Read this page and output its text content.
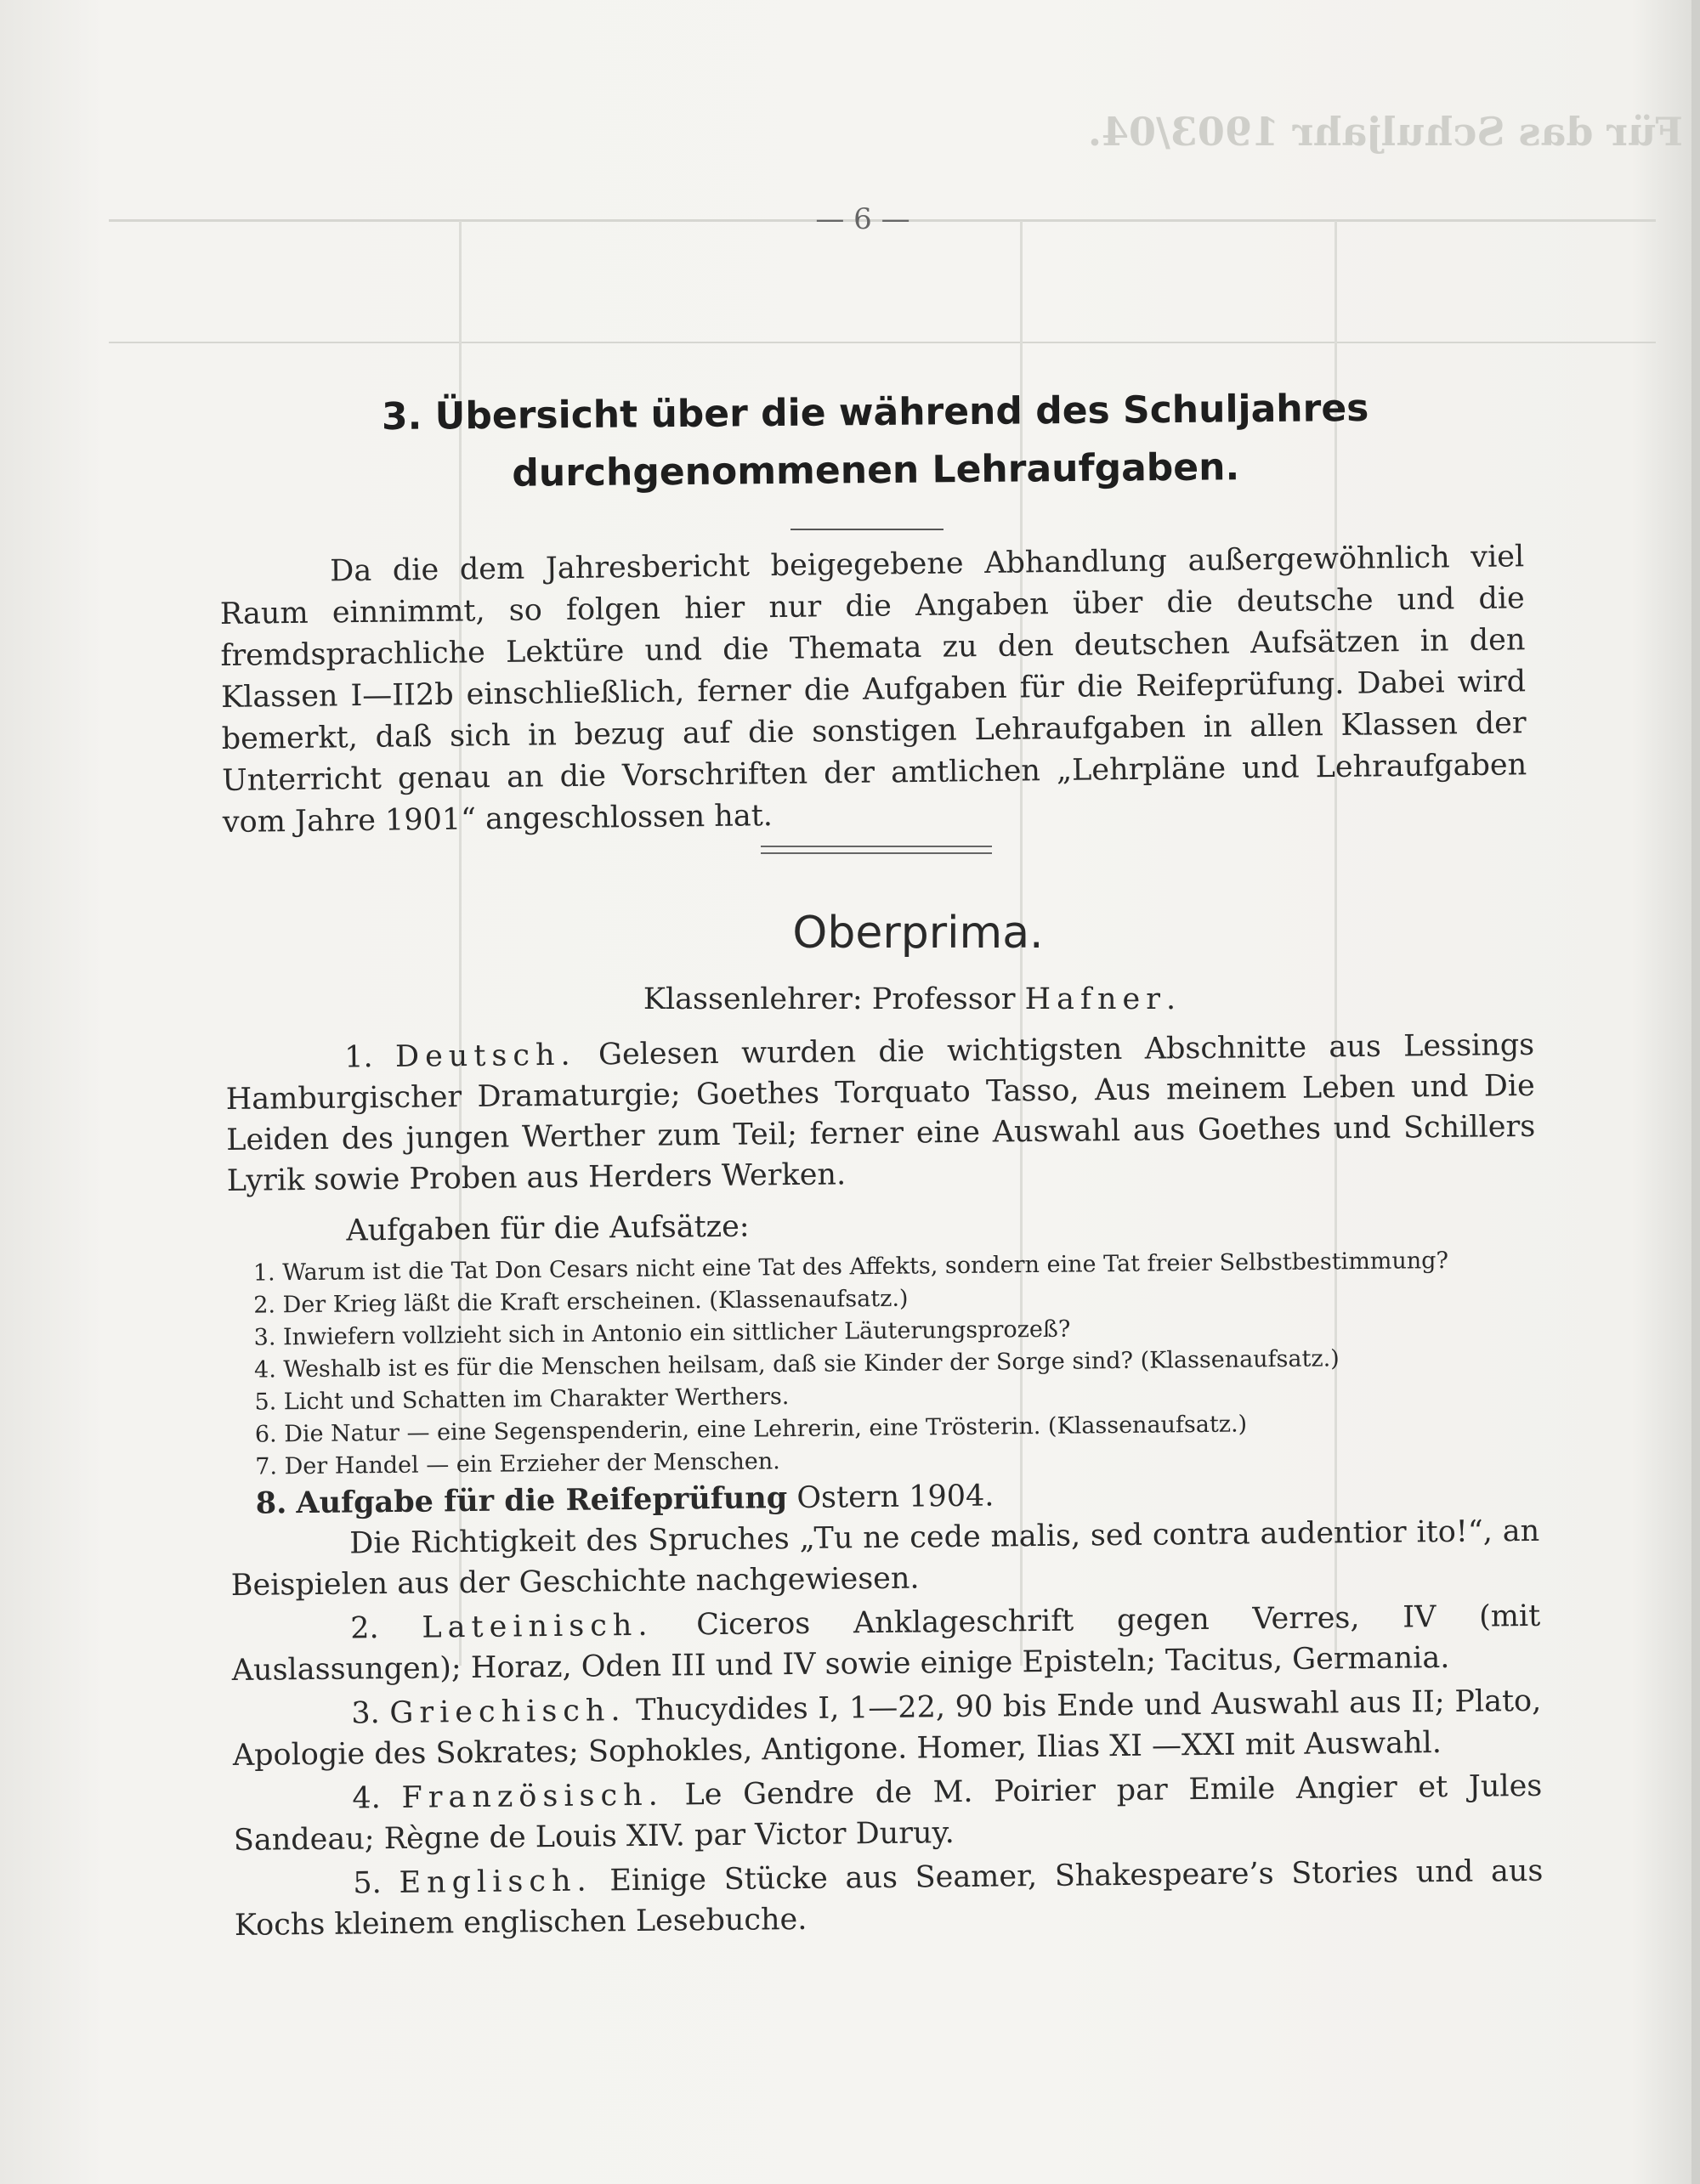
Für das Schuljahr 1903/04.
— 6 —
3. Übersicht über die während des Schuljahres
durchgenommenen Lehraufgaben.

Da die dem Jahresbericht beigegebene Abhandlung außergewöhnlich viel Raum einnimmt, so folgen hier nur die Angaben über die deutsche und die fremdsprachliche Lektüre und die Themata zu den deutschen Aufsätzen in den Klassen I—II2b einschließlich, ferner die Aufgaben für die Reifeprüfung. Dabei wird bemerkt, daß sich in bezug auf die sonstigen Lehraufgaben in allen Klassen der Unterricht genau an die Vorschriften der amtlichen „Lehrpläne und Lehraufgaben vom Jahre 1901“ angeschlossen hat.

Oberprima.
Klassenlehrer: Professor Hafner.

1. Deutsch. Gelesen wurden die wichtigsten Abschnitte aus Lessings Hamburgischer Dramaturgie; Goethes Torquato Tasso, Aus meinem Leben und Die Leiden des jungen Werther zum Teil; ferner eine Auswahl aus Goethes und Schillers Lyrik sowie Proben aus Herders Werken.

Aufgaben für die Aufsätze:

1. Warum ist die Tat Don Cesars nicht eine Tat des Affekts, sondern eine Tat freier Selbstbestimmung?
2. Der Krieg läßt die Kraft erscheinen. (Klassenaufsatz.)
3. Inwiefern vollzieht sich in Antonio ein sittlicher Läuterungsprozeß?
4. Weshalb ist es für die Menschen heilsam, daß sie Kinder der Sorge sind? (Klassenaufsatz.)
5. Licht und Schatten im Charakter Werthers.
6. Die Natur — eine Segenspenderin, eine Lehrerin, eine Trösterin. (Klassenaufsatz.)
7. Der Handel — ein Erzieher der Menschen.

8. Aufgabe für die Reifeprüfung Ostern 1904.

Die Richtigkeit des Spruches „Tu ne cede malis, sed contra audentior ito!“, an Beispielen aus der Geschichte nachgewiesen.

2. Lateinisch. Ciceros Anklageschrift gegen Verres, IV (mit Auslassungen); Horaz, Oden III und IV sowie einige Episteln; Tacitus, Germania.

3. Griechisch. Thucydides I, 1—22, 90 bis Ende und Auswahl aus II; Plato, Apologie des Sokrates; Sophokles, Antigone. Homer, Ilias XI —XXI mit Auswahl.

4. Französisch. Le Gendre de M. Poirier par Emile Angier et Jules Sandeau; Règne de Louis XIV. par Victor Duruy.

5. Englisch. Einige Stücke aus Seamer, Shakespeare’s Stories und aus Kochs kleinem englischen Lesebuche.
